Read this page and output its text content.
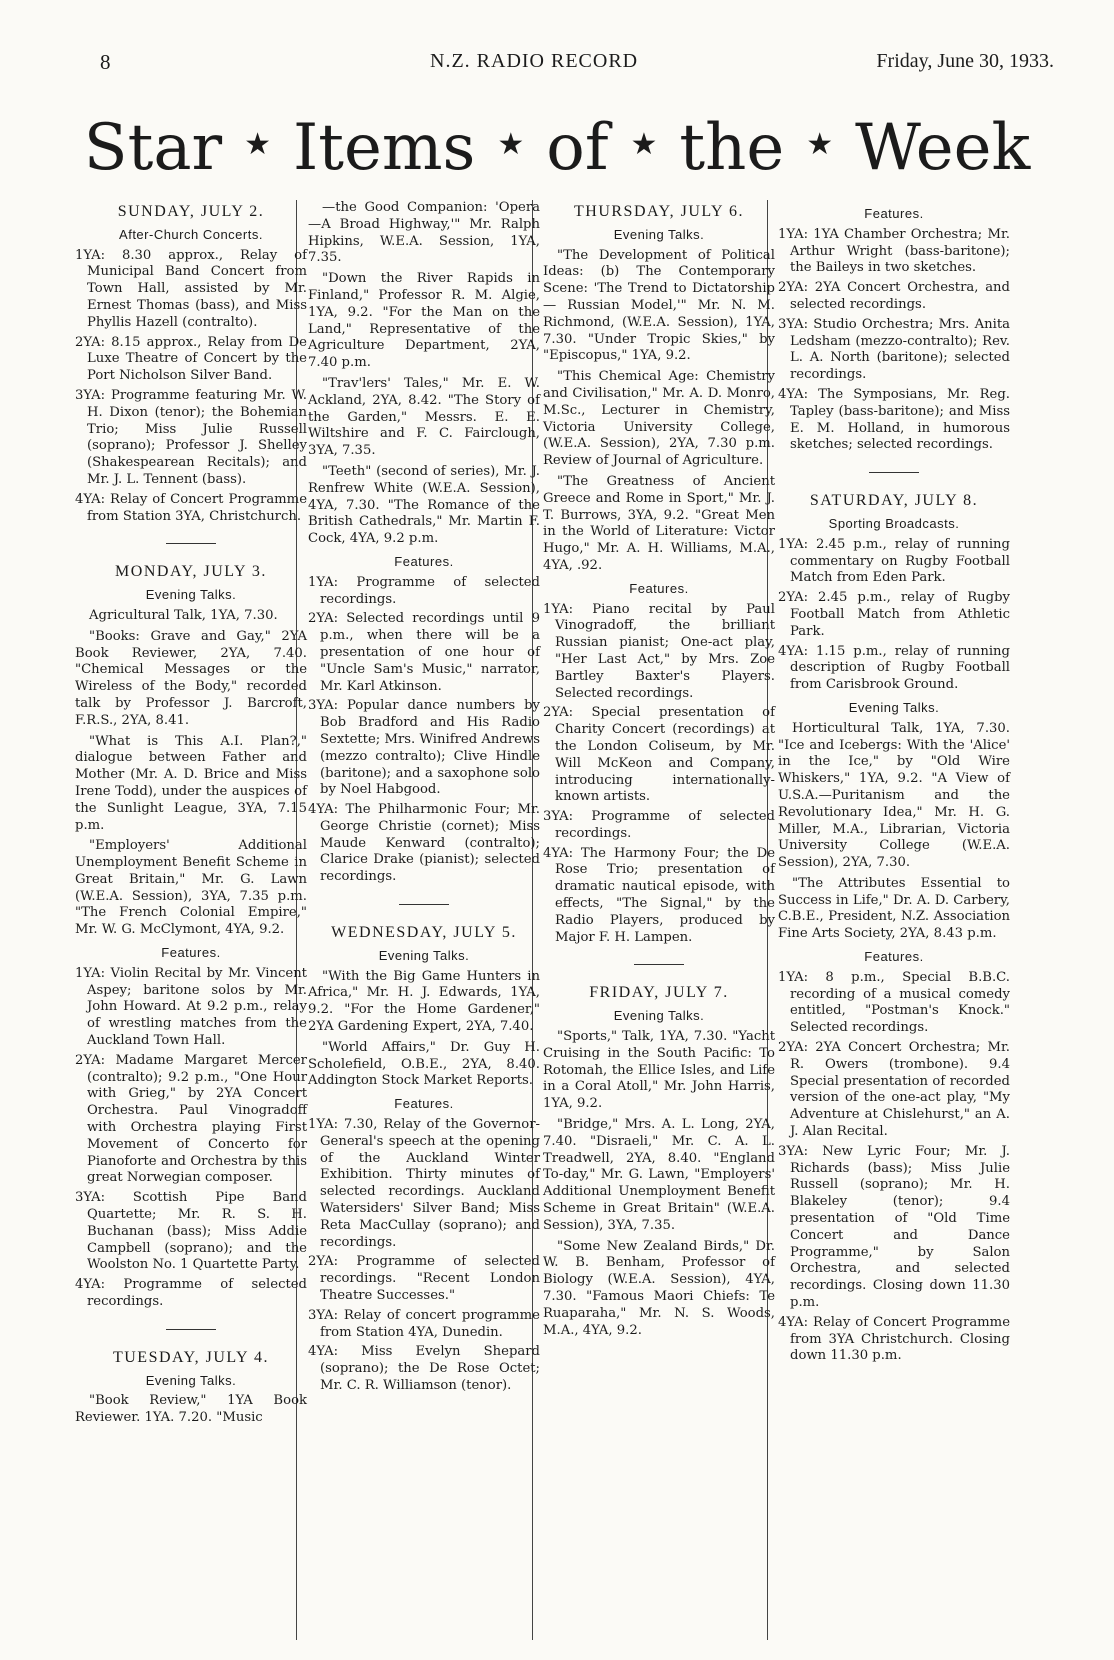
8	N.Z. RADIO RECORD	Friday, June 30, 1933.
Star ★ Items ★ of ★ the ★ Week
SUNDAY, JULY 2.
After-Church Concerts.
1YA: 8.30 approx., Relay of Municipal Band Concert from Town Hall, assisted by Mr. Ernest Thomas (bass), and Miss Phyllis Hazell (contralto).
2YA: 8.15 approx., Relay from De Luxe Theatre of Concert by the Port Nicholson Silver Band.
3YA: Programme featuring Mr. W. H. Dixon (tenor); the Bohemian Trio; Miss Julie Russell (soprano); Professor J. Shelley (Shakespearean Recitals); and Mr. J. L. Tennent (bass).
4YA: Relay of Concert Programme from Station 3YA, Christchurch.
MONDAY, JULY 3.
Evening Talks.
Agricultural Talk, 1YA, 7.30.
"Books: Grave and Gay," 2YA Book Reviewer, 2YA, 7.40. "Chemical Messages or the Wireless of the Body," recorded talk by Professor J. Barcroft, F.R.S., 2YA, 8.41.
"What is This A.I. Plan?," dialogue between Father and Mother (Mr. A. D. Brice and Miss Irene Todd), under the auspices of the Sunlight League, 3YA, 7.15 p.m.
"Employers' Additional Unemployment Benefit Scheme in Great Britain," Mr. G. Lawn (W.E.A. Session), 3YA, 7.35 p.m. "The French Colonial Empire," Mr. W. G. McClymont, 4YA, 9.2.
Features.
1YA: Violin Recital by Mr. Vincent Aspey; baritone solos by Mr. John Howard. At 9.2 p.m., relay of wrestling matches from the Auckland Town Hall.
2YA: Madame Margaret Mercer (contralto); 9.2 p.m., "One Hour with Grieg," by 2YA Concert Orchestra. Paul Vinogradoff with Orchestra playing First Movement of Concerto for Pianoforte and Orchestra by this great Norwegian composer.
3YA: Scottish Pipe Band Quartette; Mr. R. S. H. Buchanan (bass); Miss Addie Campbell (soprano); and the Woolston No. 1 Quartette Party.
4YA: Programme of selected recordings.
TUESDAY, JULY 4.
Evening Talks.
"Book Review," 1YA Book Reviewer. 1YA. 7.20. "Music
—the Good Companion: 'Opera—A Broad Highway,'" Mr. Ralph Hipkins, W.E.A. Session, 1YA, 7.35.
"Down the River Rapids in Finland," Professor R. M. Algie, 1YA, 9.2. "For the Man on the Land," Representative of the Agriculture Department, 2YA, 7.40 p.m.
"Trav'lers' Tales," Mr. E. W. Ackland, 2YA, 8.42. "The Story of the Garden," Messrs. E. E. Wiltshire and F. C. Fairclough, 3YA, 7.35.
"Teeth" (second of series), Mr. J. Renfrew White (W.E.A. Session), 4YA, 7.30. "The Romance of the British Cathedrals," Mr. Martin F. Cock, 4YA, 9.2 p.m.
Features.
1YA: Programme of selected recordings.
2YA: Selected recordings until 9 p.m., when there will be a presentation of one hour of "Uncle Sam's Music," narrator, Mr. Karl Atkinson.
3YA: Popular dance numbers by Bob Bradford and His Radio Sextette; Mrs. Winifred Andrews (mezzo contralto); Clive Hindle (baritone); and a saxophone solo by Noel Habgood.
4YA: The Philharmonic Four; Mr. George Christie (cornet); Miss Maude Kenward (contralto); Clarice Drake (pianist); selected recordings.
WEDNESDAY, JULY 5.
Evening Talks.
"With the Big Game Hunters in Africa," Mr. H. J. Edwards, 1YA, 9.2. "For the Home Gardener," 2YA Gardening Expert, 2YA, 7.40.
"World Affairs," Dr. Guy H. Scholefield, O.B.E., 2YA, 8.40. Addington Stock Market Reports.
Features.
1YA: 7.30, Relay of the Governor-General's speech at the opening of the Auckland Winter Exhibition. Thirty minutes of selected recordings. Auckland Watersiders' Silver Band; Miss Reta MacCullay (soprano); and recordings.
2YA: Programme of selected recordings. "Recent London Theatre Successes."
3YA: Relay of concert programme from Station 4YA, Dunedin.
4YA: Miss Evelyn Shepard (soprano); the De Rose Octet; Mr. C. R. Williamson (tenor).
THURSDAY, JULY 6.
Evening Talks.
"The Development of Political Ideas: (b) The Contemporary Scene: 'The Trend to Dictatorship — Russian Model,'" Mr. N. M. Richmond, (W.E.A. Session), 1YA, 7.30. "Under Tropic Skies," by "Episcopus," 1YA, 9.2.
"This Chemical Age: Chemistry and Civilisation," Mr. A. D. Monro, M.Sc., Lecturer in Chemistry, Victoria University College, (W.E.A. Session), 2YA, 7.30 p.m. Review of Journal of Agriculture.
"The Greatness of Ancient Greece and Rome in Sport," Mr. J. T. Burrows, 3YA, 9.2. "Great Men in the World of Literature: Victor Hugo," Mr. A. H. Williams, M.A., 4YA, .92.
Features.
1YA: Piano recital by Paul Vinogradoff, the brilliant Russian pianist; One-act play, "Her Last Act," by Mrs. Zoe Bartley Baxter's Players. Selected recordings.
2YA: Special presentation of Charity Concert (recordings) at the London Coliseum, by Mr. Will McKeon and Company, introducing internationally-known artists.
3YA: Programme of selected recordings.
4YA: The Harmony Four; the De Rose Trio; presentation of dramatic nautical episode, with effects, "The Signal," by the Radio Players, produced by Major F. H. Lampen.
FRIDAY, JULY 7.
Evening Talks.
"Sports," Talk, 1YA, 7.30. "Yacht Cruising in the South Pacific: To Rotomah, the Ellice Isles, and Life in a Coral Atoll," Mr. John Harris, 1YA, 9.2.
"Bridge," Mrs. A. L. Long, 2YA, 7.40. "Disraeli," Mr. C. A. L. Treadwell, 2YA, 8.40. "England To-day," Mr. G. Lawn, "Employers' Additional Unemployment Benefit Scheme in Great Britain" (W.E.A. Session), 3YA, 7.35.
"Some New Zealand Birds," Dr. W. B. Benham, Professor of Biology (W.E.A. Session), 4YA, 7.30. "Famous Maori Chiefs: Te Ruaparaha," Mr. N. S. Woods, M.A., 4YA, 9.2.
Features.
1YA: 1YA Chamber Orchestra; Mr. Arthur Wright (bass-baritone); the Baileys in two sketches.
2YA: 2YA Concert Orchestra, and selected recordings.
3YA: Studio Orchestra; Mrs. Anita Ledsham (mezzo-contralto); Rev. L. A. North (baritone); selected recordings.
4YA: The Symposians, Mr. Reg. Tapley (bass-baritone); and Miss E. M. Holland, in humorous sketches; selected recordings.
SATURDAY, JULY 8.
Sporting Broadcasts.
1YA: 2.45 p.m., relay of running commentary on Rugby Football Match from Eden Park.
2YA: 2.45 p.m., relay of Rugby Football Match from Athletic Park.
4YA: 1.15 p.m., relay of running description of Rugby Football from Carisbrook Ground.
Evening Talks.
Horticultural Talk, 1YA, 7.30. "Ice and Icebergs: With the 'Alice' in the Ice," by "Old Wire Whiskers," 1YA, 9.2. "A View of U.S.A.—Puritanism and the Revolutionary Idea," Mr. H. G. Miller, M.A., Librarian, Victoria University College (W.E.A. Session), 2YA, 7.30.
"The Attributes Essential to Success in Life," Dr. A. D. Carbery, C.B.E., President, N.Z. Association Fine Arts Society, 2YA, 8.43 p.m.
Features.
1YA: 8 p.m., Special B.B.C. recording of a musical comedy entitled, "Postman's Knock." Selected recordings.
2YA: 2YA Concert Orchestra; Mr. R. Owers (trombone). 9.4 Special presentation of recorded version of the one-act play, "My Adventure at Chislehurst," an A. J. Alan Recital.
3YA: New Lyric Four; Mr. J. Richards (bass); Miss Julie Russell (soprano); Mr. H. Blakeley (tenor); 9.4 presentation of "Old Time Concert and Dance Programme," by Salon Orchestra, and selected recordings. Closing down 11.30 p.m.
4YA: Relay of Concert Programme from 3YA Christchurch. Closing down 11.30 p.m.
